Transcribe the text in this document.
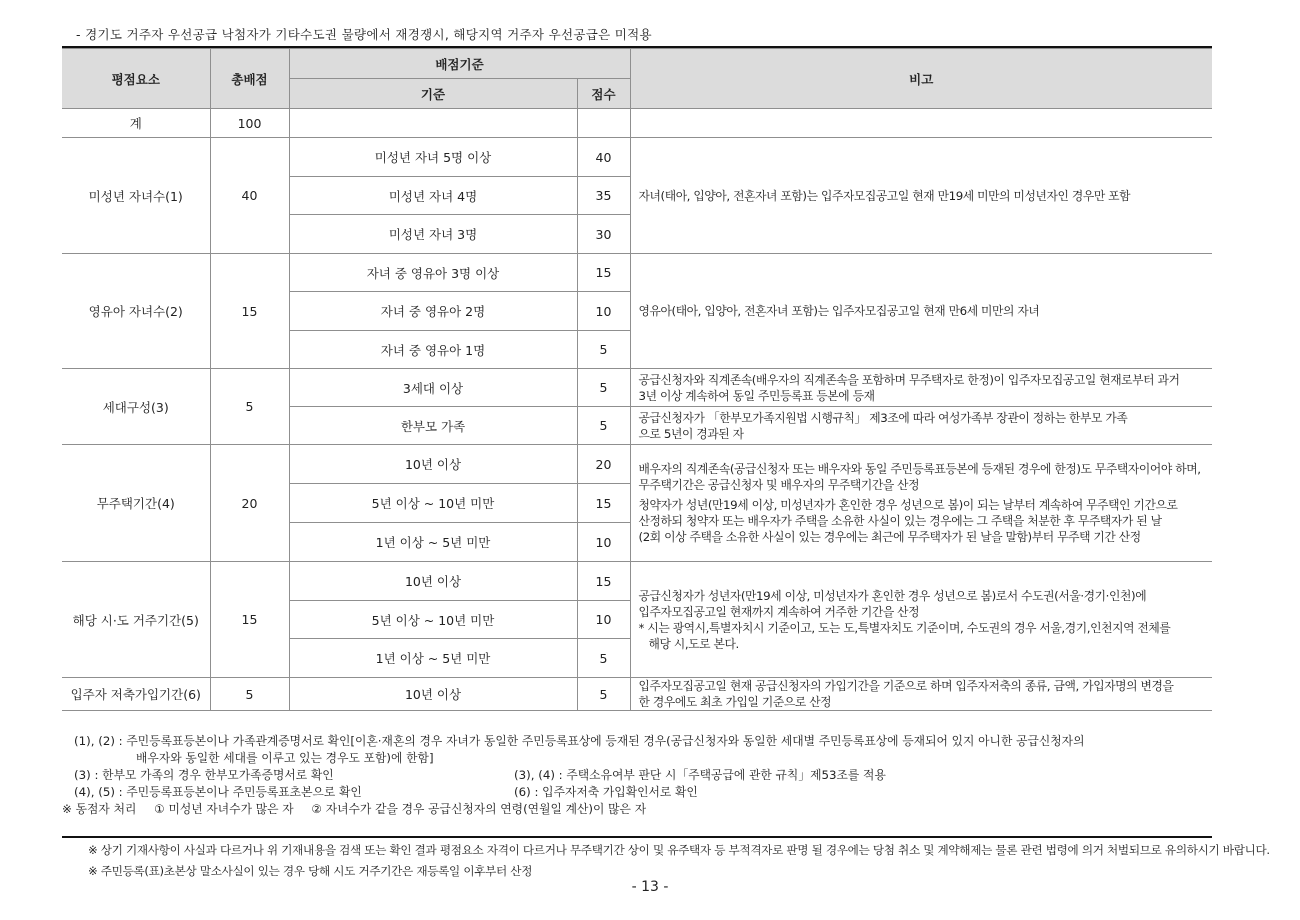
- 경기도 거주자 우선공급 낙첨자가 기타수도권 물량에서 재경쟁시, 해당지역 거주자 우선공급은 미적용
평점요소	총배점	배점기준		비고
		기준	점수	
계	100			
미성년 자녀수(1)	40	미성년 자녀 5명 이상	40	자녀(태아, 입양아, 전혼자녀 포함)는 입주자모집공고일 현재 만19세 미만의 미성년자인 경우만 포함
		미성년 자녀 4명	35	
		미성년 자녀 3명	30	
영유아 자녀수(2)	15	자녀 중 영유아 3명 이상	15	영유아(태아, 입양아, 전혼자녀 포함)는 입주자모집공고일 현재 만6세 미만의 자녀
		자녀 중 영유아 2명	10	
		자녀 중 영유아 1명	5	
세대구성(3)	5	3세대 이상	5	공급신청자와 직계존속(배우자의 직계존속을 포함하며 무주택자로 한정)이 입주자모집공고일 현재로부터 과거

3년 이상 계속하여 동일 주민등록표 등본에 등재

		한부모 가족	5	공급신청자가 「한부모가족지원법 시행규칙」 제3조에 따라 여성가족부 장관이 정하는 한부모 가족

으로 5년이 경과된 자

무주택기간(4)	20	10년 이상	20	배우자의 직계존속(공급신청자 또는 배우자와 동일 주민등록표등본에 등재된 경우에 한정)도 무주택자이어야 하며,

무주택기간은 공급신청자 및 배우자의 무주택기간을 산정

청약자가 성년(만19세 이상, 미성년자가 혼인한 경우 성년으로 봄)이 되는 날부터 계속하여 무주택인 기간으로

산정하되 청약자 또는 배우자가 주택을 소유한 사실이 있는 경우에는 그 주택을 처분한 후 무주택자가 된 날

(2회 이상 주택을 소유한 사실이 있는 경우에는 최근에 무주택자가 된 날을 말함)부터 무주택 기간 산정

		5년 이상 ~ 10년 미만	15	
		1년 이상 ~ 5년 미만	10	
해당 시·도 거주기간(5)	15	10년 이상	15	공급신청자가 성년자(만19세 이상, 미성년자가 혼인한 경우 성년으로 봄)로서 수도권(서울·경기·인천)에

입주자모집공고일 현재까지 계속하여 거주한 기간을 산정

* 시는 광역시,특별자치시 기준이고, 도는 도,특별자치도 기준이며, 수도권의 경우 서울,경기,인천지역 전체를

해당 시,도로 본다.

		5년 이상 ~ 10년 미만	10	
		1년 이상 ~ 5년 미만	5	
입주자 저축가입기간(6)	5	10년 이상	5	입주자모집공고일 현재 공급신청자의 가입기간을 기준으로 하며 입주자저축의 종류, 금액, 가입자명의 변경을

한 경우에도 최초 가입일 기준으로 산정

(1), (2) : 주민등록표등본이나 가족관계증명서로 확인[이혼·재혼의 경우 자녀가 동일한 주민등록표상에 등재된 경우(공급신청자와 동일한 세대별 주민등록표상에 등재되어 있지 아니한 공급신청자의
배우자와 동일한 세대를 이루고 있는 경우도 포함)에 한함]
(3) : 한부모 가족의 경우 한부모가족증명서로 확인	(3), (4) : 주택소유여부 판단 시「주택공급에 관한 규칙」제53조를 적용
(4), (5) : 주민등록표등본이나 주민등록표초본으로 확인	(6) : 입주자저축 가입확인서로 확인
※ 동점자 처리 ① 미성년 자녀수가 많은 자 ② 자녀수가 같을 경우 공급신청자의 연령(연월일 계산)이 많은 자
※ 상기 기재사항이 사실과 다르거나 위 기재내용을 검색 또는 확인 결과 평점요소 자격이 다르거나 무주택기간 상이 및 유주택자 등 부적격자로 판명 될 경우에는 당첨 취소 및 계약해제는 물론 관련 법령에 의거 처벌되므로 유의하시기 바랍니다.
※ 주민등록(표)초본상 말소사실이 있는 경우 당해 시도 거주기간은 재등록일 이후부터 산정
- 13 -
